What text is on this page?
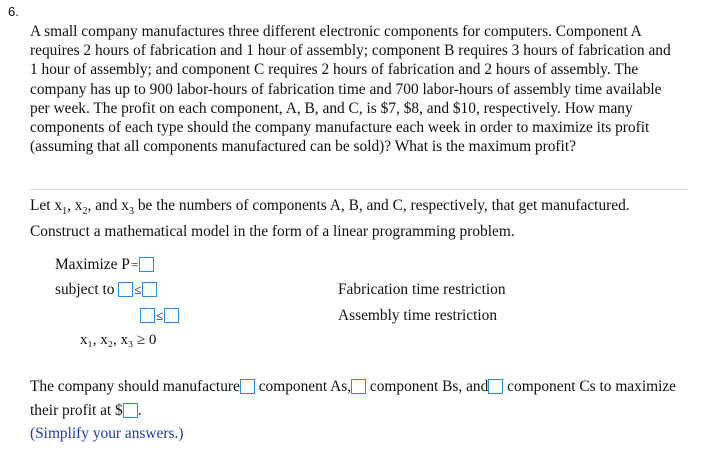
6.

A small company manufactures three different electronic components for computers. Component A requires 2 hours of fabrication and 1 hour of assembly; component B requires 3 hours of fabrication and 1 hour of assembly; and component C requires 2 hours of fabrication and 2 hours of assembly. The company has up to 900 labor-hours of fabrication time and 700 labor-hours of assembly time available per week. The profit on each component, A, B, and C, is $7, $8, and $10, respectively. How many components of each type should the company manufacture each week in order to maximize its profit (assuming that all components manufactured can be sold)? What is the maximum profit?

Let $x_1$, $x_2$, and $x_3$ be the numbers of components A, B, and C, respectively, that get manufactured. Construct a mathematical model in the form of a linear programming problem.

Maximize P=
subject to ≤
≤
Fabrication time restriction
Assembly time restriction
x₁, x₂, x₃ ≥ 0

The company should manufacture component As, component Bs, and component Cs to maximize their profit at $ .

(Simplify your answers.)
